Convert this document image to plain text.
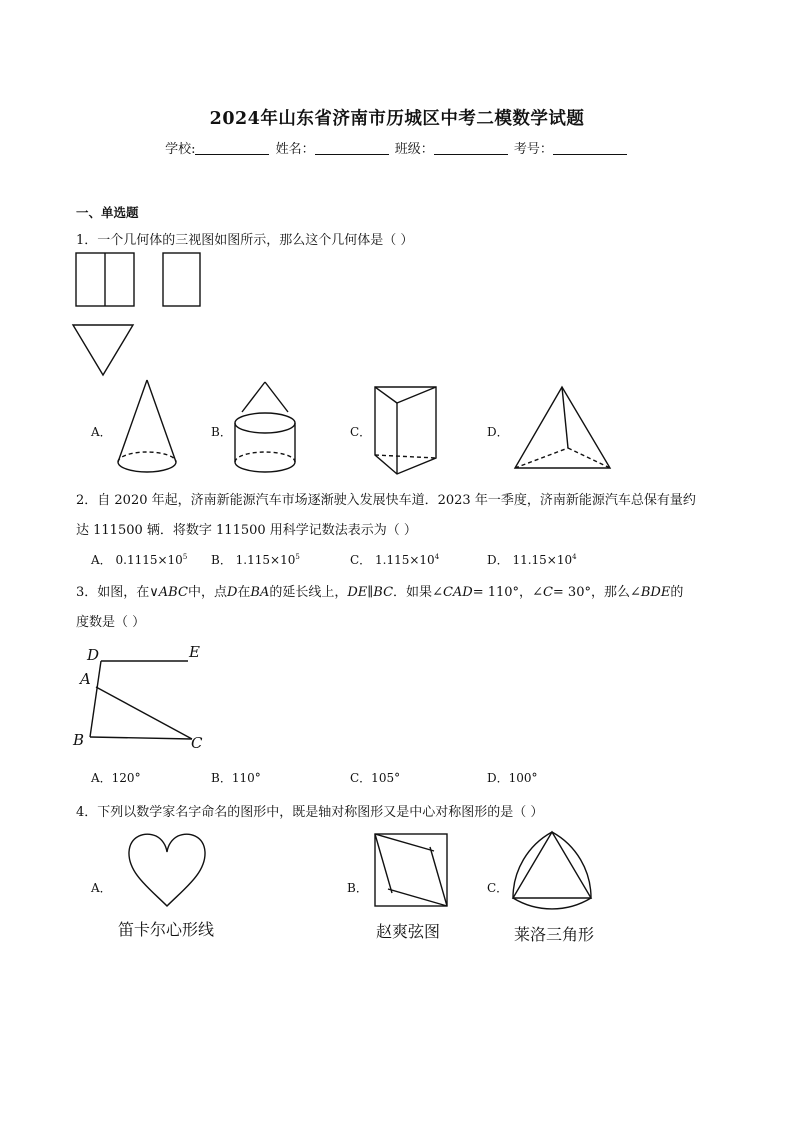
2024年山东省济南市历城区中考二模数学试题
学校:	姓名：	班级：	考号：
一、单选题
1．一个几何体的三视图如图所示，那么这个几何体是（ ）
A．	B．	C．	D．
2．自 2020 年起，济南新能源汽车市场逐渐驶入发展快车道．2023 年一季度，济南新能源汽车总保有量约
达 111500 辆．将数字 111500 用科学记数法表示为（ ）
A． $0.1115\times 10^5$ B． $1.115\times 10^5$	C． $1.115\times 10^4$	D． $11.15\times 10^4$
3．如图，在∨ABC中，点D在BA的延长线上，DE∥BC．如果∠CAD= 110°，∠C= 30°，那么∠BDE的
度数是（ ）
D	E
A
B	C
A．120°	B．110°	C．105°	D．100°
4．下列以数学家名字命名的图形中，既是轴对称图形又是中心对称图形的是（ ）
A．	B．	C．
笛卡尔心形线	赵爽弦图	莱洛三角形
